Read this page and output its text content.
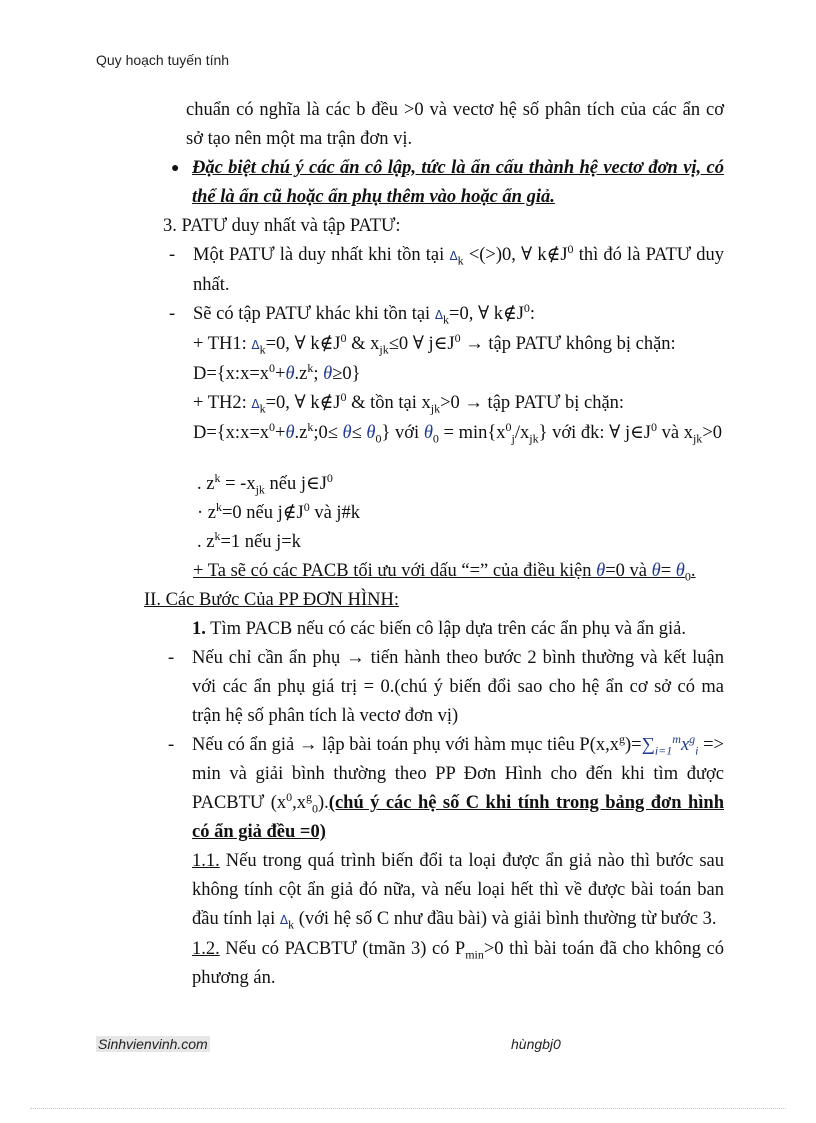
Quy hoạch tuyến tính
chuẩn có nghĩa là các b đều >0 và vectơ hệ số phân tích của các ẩn cơ sở tạo nên một ma trận đơn vị.
● Đặc biệt chú ý các ẩn cô lập, tức là ẩn cấu thành hệ vectơ đơn vị, có thể là ẩn cũ hoặc ẩn phụ thêm vào hoặc ẩn giả.
3. PATƯ duy nhất và tập PATƯ:
- Một PATƯ là duy nhất khi tồn tại $\Delta_k <(>)0$, ∀ $k\notin J^0$ thì đó là PATƯ duy nhất.
- Sẽ có tập PATƯ khác khi tồn tại $\Delta_k=0$, ∀ $k\notin J^0$:
+ TH1: $\Delta_k=0$, ∀ $k\notin J^0$ & $x_{jk}\le 0$ ∀ $j\in J^0$ → tập PATƯ không bị chặn:
$D=\{x:x=x^0+\theta.z^k$; θ≥0}
+ TH2: $\Delta_k=0$, ∀ $k\notin J^0$ & tồn tại $x_{jk}>0$ → tập PATƯ bị chặn:
$D=\{x:x=x^0+\theta.z^k;0\le \theta\le \theta_0\}$ với $\theta_0 = \min\{x^0_j/x_{jk}\}$ với đk: ∀ $j\in J^0$ và $x_{jk}>0$
. $z^k = -x_{jk}$ nếu $j\in J^0$
· $z^k=0$ nếu $j\notin J^0$ và j#k
. $z^k=1$ nếu j=k
+ Ta sẽ có các PACB tối ưu với dấu “=” của điều kiện θ=0 và $\theta= \theta_0$.
II. Các Bước Của PP ĐƠN HÌNH:
1. Tìm PACB nếu có các biến cô lập dựa trên các ẩn phụ và ẩn giả.
- Nếu chỉ cần ẩn phụ → tiến hành theo bước 2 bình thường và kết luận với các ẩn phụ giá trị = 0.(chú ý biến đổi sao cho hệ ẩn cơ sở có ma trận hệ số phân tích là vectơ đơn vị)
- Nếu có ẩn giả → lập bài toán phụ với hàm mục tiêu $P(x,x^g)=\sum_{i=1}^mx^g_i => \min$ và giải bình thường theo PP Đơn Hình cho đến khi tìm được PACBTƯ $(x^0,x^g_0).(chú$ ý các hệ số C khi tính trong bảng đơn hình có ẩn giả đều =0)
1.1. Nếu trong quá trình biến đổi ta loại được ẩn giả nào thì bước sau không tính cột ẩn giả đó nữa, và nếu loại hết thì về được bài toán ban đầu tính lại $\Delta_k$ (với hệ số C như đầu bài) và giải bình thường từ bước 3.
1.2. Nếu có PACBTƯ (tmãn 3) có $P_{min}>0$ thì bài toán đã cho không có phương án.
Sinhvienvinh.com	hùngbj0
